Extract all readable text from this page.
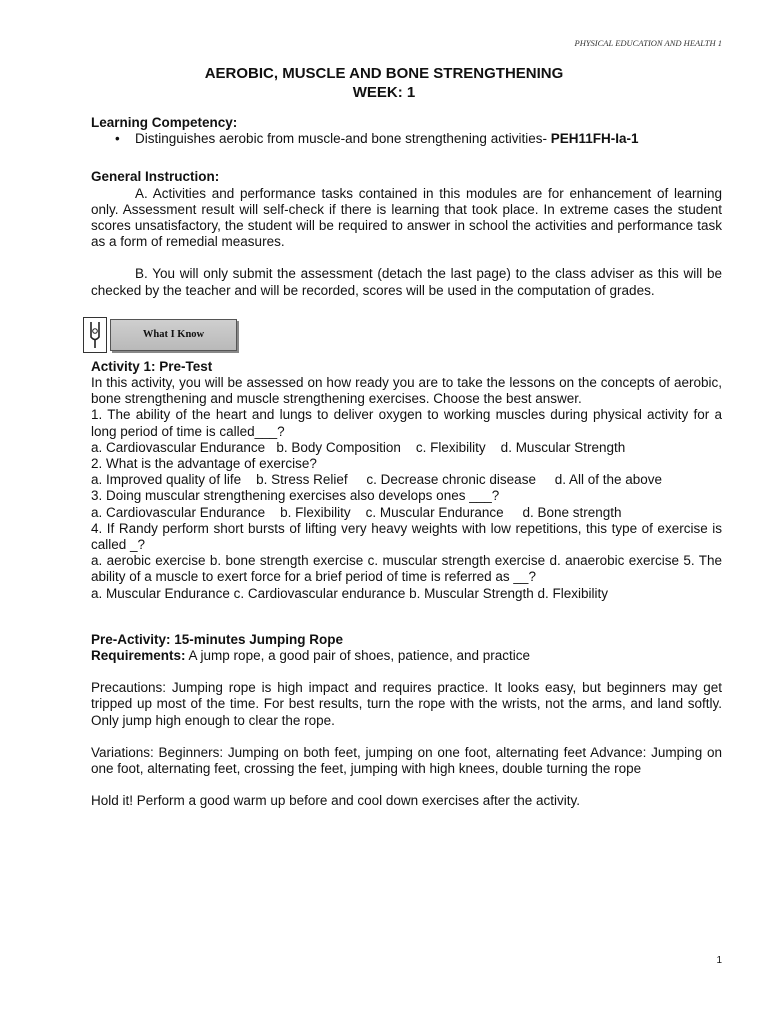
PHYSICAL EDUCATION AND HEALTH 1
AEROBIC, MUSCLE AND BONE STRENGTHENING
WEEK: 1

Learning Competency:

• Distinguishes aerobic from muscle-and bone strengthening activities- PEH11FH-Ia-1

General Instruction:

A. Activities and performance tasks contained in this modules are for enhancement of learning only. Assessment result will self-check if there is learning that took place. In extreme cases the student scores unsatisfactory, the student will be required to answer in school the activities and performance task as a form of remedial measures.

B. You will only submit the assessment (detach the last page) to the class adviser as this will be checked by the teacher and will be recorded, scores will be used in the computation of grades.

What I Know

Activity 1: Pre-Test

In this activity, you will be assessed on how ready you are to take the lessons on the concepts of aerobic, bone strengthening and muscle strengthening exercises. Choose the best answer.

1. The ability of the heart and lungs to deliver oxygen to working muscles during physical activity for a long period of time is called___?

a. Cardiovascular Endurance   b. Body Composition    c. Flexibility    d. Muscular Strength

2. What is the advantage of exercise?

a. Improved quality of life    b. Stress Relief     c. Decrease chronic disease     d. All of the above

3. Doing muscular strengthening exercises also develops ones ___?

a. Cardiovascular Endurance    b. Flexibility    c. Muscular Endurance     d. Bone strength

4. If Randy perform short bursts of lifting very heavy weights with low repetitions, this type of exercise is called _?

a. aerobic exercise b. bone strength exercise c. muscular strength exercise d. anaerobic exercise 5. The ability of a muscle to exert force for a brief period of time is referred as __?

a. Muscular Endurance c. Cardiovascular endurance b. Muscular Strength d. Flexibility

Pre-Activity: 15-minutes Jumping Rope

Requirements: A jump rope, a good pair of shoes, patience, and practice

Precautions: Jumping rope is high impact and requires practice. It looks easy, but beginners may get tripped up most of the time. For best results, turn the rope with the wrists, not the arms, and land softly. Only jump high enough to clear the rope.

Variations: Beginners: Jumping on both feet, jumping on one foot, alternating feet Advance: Jumping on one foot, alternating feet, crossing the feet, jumping with high knees, double turning the rope

Hold it! Perform a good warm up before and cool down exercises after the activity.

1
